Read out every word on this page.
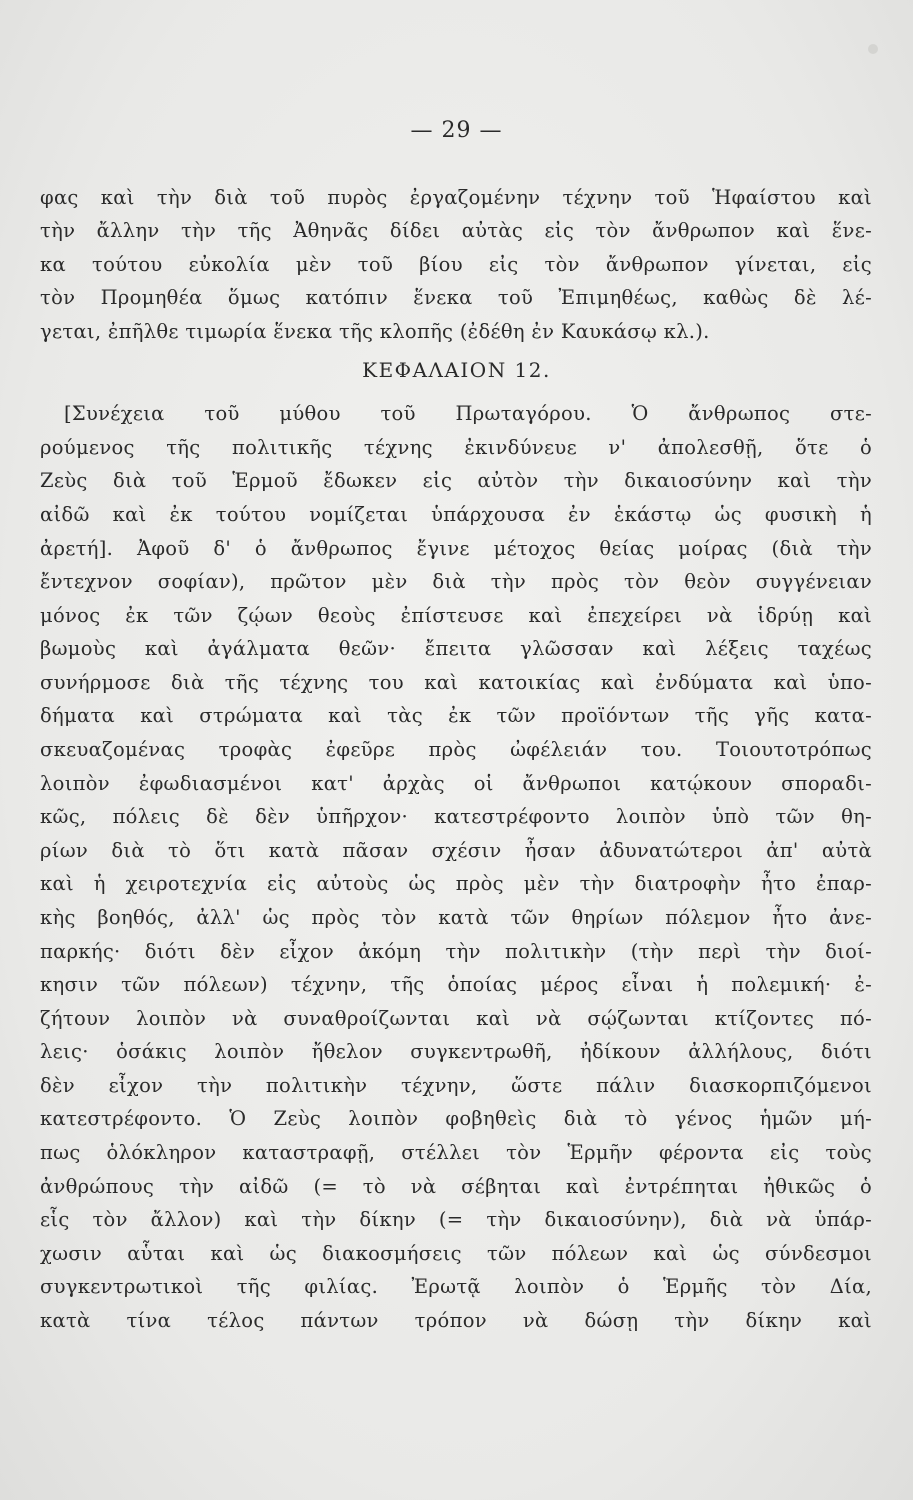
— 29 —
φας καὶ τὴν διὰ τοῦ πυρὸς ἐργαζομένην τέχνην τοῦ Ἡφαίστου καὶ
τὴν ἄλλην τὴν τῆς Ἀθηνᾶς δίδει αὐτὰς εἰς τὸν ἄνθρωπον καὶ ἕνε-
κα τούτου εὐκολία μὲν τοῦ βίου εἰς τὸν ἄνθρωπον γίνεται, εἰς
τὸν Προμηθέα ὅμως κατόπιν ἕνεκα τοῦ Ἐπιμηθέως, καθὼς δὲ λέ-
γεται, ἐπῆλθε τιμωρία ἕνεκα τῆς κλοπῆς (ἐδέθη ἐν Καυκάσῳ κλ.).
ΚΕΦΑΛΑΙΟΝ 12.
[Συνέχεια τοῦ μύθου τοῦ Πρωταγόρου. Ὁ ἄνθρωπος στε-
ρούμενος τῆς πολιτικῆς τέχνης ἐκινδύνευε ν' ἀπολεσθῇ, ὅτε ὁ
Ζεὺς διὰ τοῦ Ἑρμοῦ ἔδωκεν εἰς αὐτὸν τὴν δικαιοσύνην καὶ τὴν
αἰδῶ καὶ ἐκ τούτου νομίζεται ὑπάρχουσα ἐν ἑκάστῳ ὡς φυσικὴ ἡ
ἀρετή]. Ἀφοῦ δ' ὁ ἄνθρωπος ἔγινε μέτοχος θείας μοίρας (διὰ τὴν
ἔντεχνον σοφίαν), πρῶτον μὲν διὰ τὴν πρὸς τὸν θεὸν συγγένειαν
μόνος ἐκ τῶν ζῴων θεοὺς ἐπίστευσε καὶ ἐπεχείρει νὰ ἱδρύῃ καὶ
βωμοὺς καὶ ἀγάλματα θεῶν· ἔπειτα γλῶσσαν καὶ λέξεις ταχέως
συνήρμοσε διὰ τῆς τέχνης του καὶ κατοικίας καὶ ἐνδύματα καὶ ὑπο-
δήματα καὶ στρώματα καὶ τὰς ἐκ τῶν προϊόντων τῆς γῆς κατα-
σκευαζομένας τροφὰς ἐφεῦρε πρὸς ὠφέλειάν του. Τοιουτοτρόπως
λοιπὸν ἐφωδιασμένοι κατ' ἀρχὰς οἱ ἄνθρωποι κατῴκουν σποραδι-
κῶς, πόλεις δὲ δὲν ὑπῆρχον· κατεστρέφοντο λοιπὸν ὑπὸ τῶν θη-
ρίων διὰ τὸ ὅτι κατὰ πᾶσαν σχέσιν ἦσαν ἀδυνατώτεροι ἀπ' αὐτὰ
καὶ ἡ χειροτεχνία εἰς αὐτοὺς ὡς πρὸς μὲν τὴν διατροφὴν ἦτο ἐπαρ-
κὴς βοηθός, ἀλλ' ὡς πρὸς τὸν κατὰ τῶν θηρίων πόλεμον ἦτο ἀνε-
παρκής· διότι δὲν εἶχον ἀκόμη τὴν πολιτικὴν (τὴν περὶ τὴν διοί-
κησιν τῶν πόλεων) τέχνην, τῆς ὁποίας μέρος εἶναι ἡ πολεμική· ἐ-
ζήτουν λοιπὸν νὰ συναθροίζωνται καὶ νὰ σῴζωνται κτίζοντες πό-
λεις· ὁσάκις λοιπὸν ἤθελον συγκεντρωθῆ, ἠδίκουν ἀλλήλους, διότι
δὲν εἶχον τὴν πολιτικὴν τέχνην, ὥστε πάλιν διασκορπιζόμενοι
κατεστρέφοντο. Ὁ Ζεὺς λοιπὸν φοβηθεὶς διὰ τὸ γένος ἡμῶν μή-
πως ὁλόκληρον καταστραφῇ, στέλλει τὸν Ἑρμῆν φέροντα εἰς τοὺς
ἀνθρώπους τὴν αἰδῶ (= τὸ νὰ σέβηται καὶ ἐντρέπηται ἠθικῶς ὁ
εἷς τὸν ἄλλον) καὶ τὴν δίκην (= τὴν δικαιοσύνην), διὰ νὰ ὑπάρ-
χωσιν αὗται καὶ ὡς διακοσμήσεις τῶν πόλεων καὶ ὡς σύνδεσμοι
συγκεντρωτικοὶ τῆς φιλίας. Ἐρωτᾷ λοιπὸν ὁ Ἑρμῆς τὸν Δία,
κατὰ τίνα τέλος πάντων τρόπον νὰ δώσῃ τὴν δίκην καὶ
